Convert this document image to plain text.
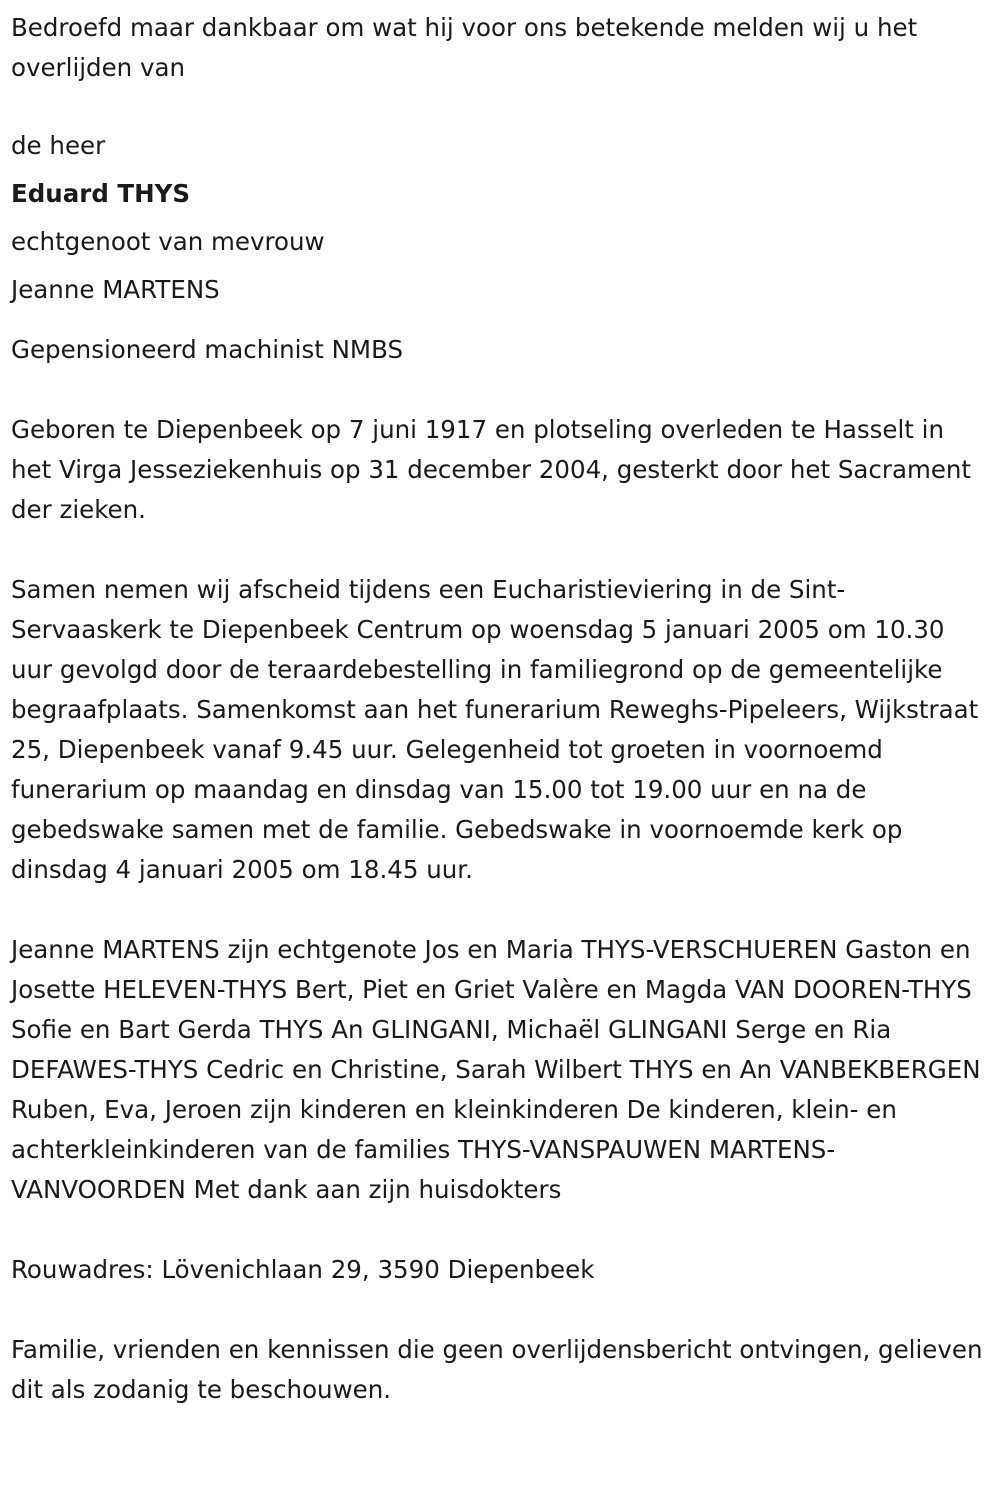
Bedroefd maar dankbaar om wat hij voor ons betekende melden wij u het overlijden van

de heer

Eduard THYS

echtgenoot van mevrouw

Jeanne MARTENS

Gepensioneerd machinist NMBS

Geboren te Diepenbeek op 7 juni 1917 en plotseling overleden te Hasselt in het Virga Jesseziekenhuis op 31 december 2004, gesterkt door het Sacrament der zieken.

Samen nemen wij afscheid tijdens een Eucharistieviering in de Sint-Servaaskerk te Diepenbeek Centrum op woensdag 5 januari 2005 om 10.30 uur gevolgd door de teraardebestelling in familiegrond op de gemeentelijke begraafplaats. Samenkomst aan het funerarium Reweghs-Pipeleers, Wijkstraat 25, Diepenbeek vanaf 9.45 uur. Gelegenheid tot groeten in voornoemd funerarium op maandag en dinsdag van 15.00 tot 19.00 uur en na de gebedswake samen met de familie. Gebedswake in voornoemde kerk op dinsdag 4 januari 2005 om 18.45 uur.

Jeanne MARTENS zijn echtgenote Jos en Maria THYS-VERSCHUEREN Gaston en Josette HELEVEN-THYS Bert, Piet en Griet Valère en Magda VAN DOOREN-THYS Sofie en Bart Gerda THYS An GLINGANI, Michaël GLINGANI Serge en Ria DEFAWES-THYS Cedric en Christine, Sarah Wilbert THYS en An VANBEKBERGEN Ruben, Eva, Jeroen zijn kinderen en kleinkinderen De kinderen, klein- en achterkleinkinderen van de families THYS-VANSPAUWEN MARTENS-VANVOORDEN Met dank aan zijn huisdokters

Rouwadres: Lövenichlaan 29, 3590 Diepenbeek

Familie, vrienden en kennissen die geen overlijdensbericht ontvingen, gelieven dit als zodanig te beschouwen.
